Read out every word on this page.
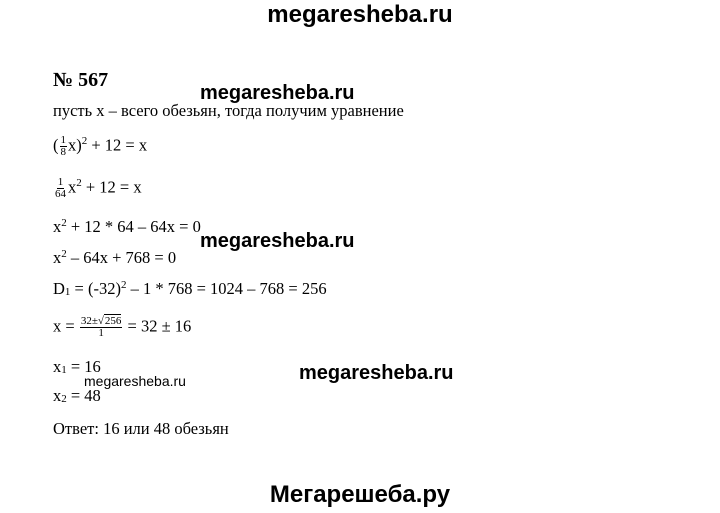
megaresheba.ru
№ 567
megaresheba.ru
пусть x – всего обезьян, тогда получим уравнение
( $\frac{1}{8} x)^2 + 12 = x$
$\frac{1}{64} x^2 + 12 = x$
$x^2 + 12 * 64 - 64x = 0$
$x^2 - 64x + 768 = 0$
megaresheba.ru
$D_1 = (-32)^2 - 1 * 768 = 1024 - 768 = 256$
$x = \frac{32\pm√256}{1} = 32 \pm 16$
$x_1 = 16$	megaresheba.ru
megaresheba.ru
$x_2 = 48$
Ответ: 16 или 48 обезьян
Мегарешеба.ру
